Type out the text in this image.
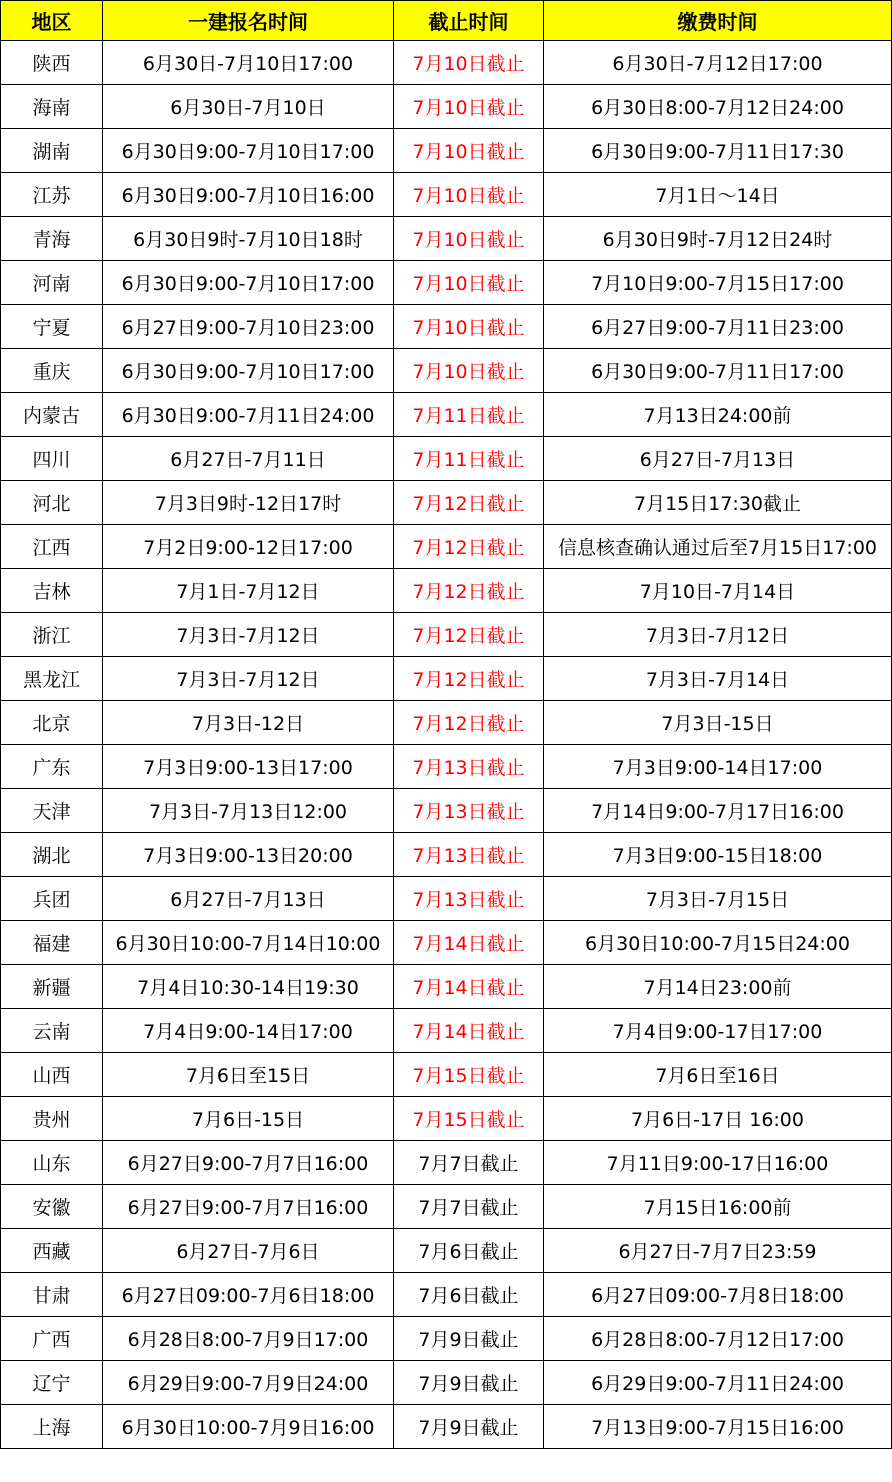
地区	一建报名时间	截止时间	缴费时间
陕西	6月30日-7月10日17:00	7月10日截止	6月30日-7月12日17:00
海南	6月30日-7月10日	7月10日截止	6月30日8:00-7月12日24:00
湖南	6月30日9:00-7月10日17:00	7月10日截止	6月30日9:00-7月11日17:30
江苏	6月30日9:00-7月10日16:00	7月10日截止	7月1日～14日
青海	6月30日9时-7月10日18时	7月10日截止	6月30日9时-7月12日24时
河南	6月30日9:00-7月10日17:00	7月10日截止	7月10日9:00-7月15日17:00
宁夏	6月27日9:00-7月10日23:00	7月10日截止	6月27日9:00-7月11日23:00
重庆	6月30日9:00-7月10日17:00	7月10日截止	6月30日9:00-7月11日17:00
内蒙古	6月30日9:00-7月11日24:00	7月11日截止	7月13日24:00前
四川	6月27日-7月11日	7月11日截止	6月27日-7月13日
河北	7月3日9时-12日17时	7月12日截止	7月15日17:30截止
江西	7月2日9:00-12日17:00	7月12日截止	信息核查确认通过后至7月15日17:00
吉林	7月1日-7月12日	7月12日截止	7月10日-7月14日
浙江	7月3日-7月12日	7月12日截止	7月3日-7月12日
黑龙江	7月3日-7月12日	7月12日截止	7月3日-7月14日
北京	7月3日-12日	7月12日截止	7月3日-15日
广东	7月3日9:00-13日17:00	7月13日截止	7月3日9:00-14日17:00
天津	7月3日-7月13日12:00	7月13日截止	7月14日9:00-7月17日16:00
湖北	7月3日9:00-13日20:00	7月13日截止	7月3日9:00-15日18:00
兵团	6月27日-7月13日	7月13日截止	7月3日-7月15日
福建	6月30日10:00-7月14日10:00	7月14日截止	6月30日10:00-7月15日24:00
新疆	7月4日10:30-14日19:30	7月14日截止	7月14日23:00前
云南	7月4日9:00-14日17:00	7月14日截止	7月4日9:00-17日17:00
山西	7月6日至15日	7月15日截止	7月6日至16日
贵州	7月6日-15日	7月15日截止	7月6日-17日 16:00
山东	6月27日9:00-7月7日16:00	7月7日截止	7月11日9:00-17日16:00
安徽	6月27日9:00-7月7日16:00	7月7日截止	7月15日16:00前
西藏	6月27日-7月6日	7月6日截止	6月27日-7月7日23:59
甘肃	6月27日09:00-7月6日18:00	7月6日截止	6月27日09:00-7月8日18:00
广西	6月28日8:00-7月9日17:00	7月9日截止	6月28日8:00-7月12日17:00
辽宁	6月29日9:00-7月9日24:00	7月9日截止	6月29日9:00-7月11日24:00
上海	6月30日10:00-7月9日16:00	7月9日截止	7月13日9:00-7月15日16:00
